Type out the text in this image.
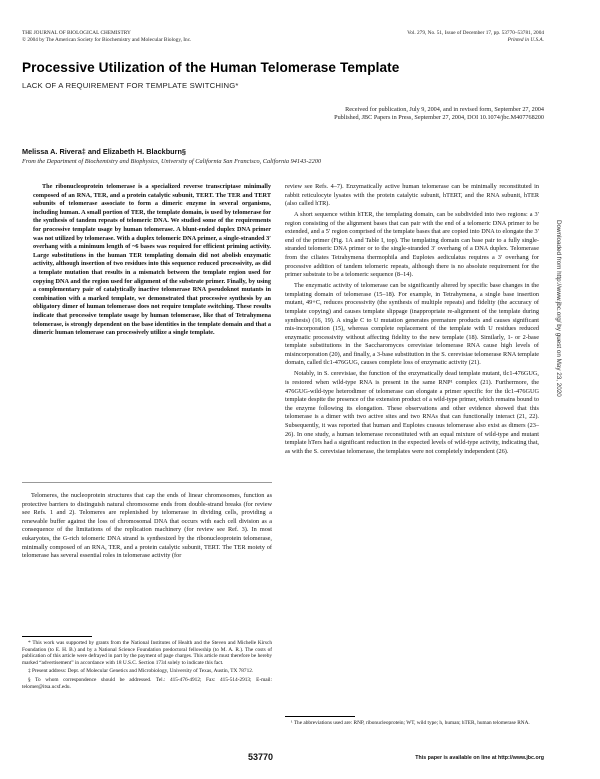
THE JOURNAL OF BIOLOGICAL CHEMISTRY
© 2004 by The American Society for Biochemistry and Molecular Biology, Inc.
Vol. 279, No. 51, Issue of December 17, pp. 53770–53781, 2004
Printed in U.S.A.
Processive Utilization of the Human Telomerase Template
LACK OF A REQUIREMENT FOR TEMPLATE SWITCHING*
Received for publication, July 9, 2004, and in revised form, September 27, 2004
Published, JBC Papers in Press, September 27, 2004, DOI 10.1074/jbc.M407768200
Melissa A. Rivera‡ and Elizabeth H. Blackburn§
From the Department of Biochemistry and Biophysics, University of California San Francisco, California 94143-2200

The ribonucleoprotein telomerase is a specialized reverse transcriptase minimally composed of an RNA, TER, and a protein catalytic subunit, TERT. The TER and TERT subunits of telomerase associate to form a dimeric enzyme in several organisms, including human. A small portion of TER, the template domain, is used by telomerase for the synthesis of tandem repeats of telomeric DNA. We studied some of the requirements for processive template usage by human telomerase. A blunt-ended duplex DNA primer was not utilized by telomerase. With a duplex telomeric DNA primer, a single-stranded 3′ overhang with a minimum length of ~6 bases was required for efficient priming activity. Large substitutions in the human TER templating domain did not abolish enzymatic activity, although insertion of two residues into this sequence reduced processivity, as did a template mutation that results in a mismatch between the template region used for copying DNA and the region used for alignment of the substrate primer. Finally, by using a complementary pair of catalytically inactive telomerase RNA pseudoknot mutants in combination with a marked template, we demonstrated that processive synthesis by an obligatory dimer of human telomerase does not require template switching. These results indicate that processive template usage by human telomerase, like that of Tetrahymena telomerase, is strongly dependent on the base identities in the template domain and that a dimeric human telomerase can processively utilize a single template.

Telomeres, the nucleoprotein structures that cap the ends of linear chromosomes, function as protective barriers to distinguish natural chromosome ends from double-strand breaks (for review see Refs. 1 and 2). Telomeres are replenished by telomerase in dividing cells, providing a renewable buffer against the loss of chromosomal DNA that occurs with each cell division as a consequence of the limitations of the replication machinery (for review see Ref. 3). In most eukaryotes, the G-rich telomeric DNA strand is synthesized by the ribonucleoprotein telomerase, minimally composed of an RNA, TER, and a protein catalytic subunit, TERT. The TER moiety of telomerase has several essential roles in telomerase activity (for

review see Refs. 4–7). Enzymatically active human telomerase can be minimally reconstituted in rabbit reticulocyte lysates with the protein catalytic subunit, hTERT, and the RNA subunit, hTER (also called hTR).

A short sequence within hTER, the templating domain, can be subdivided into two regions: a 3′ region consisting of the alignment bases that can pair with the end of a telomeric DNA primer to be extended, and a 5′ region comprised of the template bases that are copied into DNA to elongate the 3′ end of the primer (Fig. 1A and Table I, top). The templating domain can base pair to a fully single-stranded telomeric DNA primer or to the single-stranded 3′ overhang of a DNA duplex. Telomerase from the ciliates Tetrahymena thermophila and Euplotes aediculatus requires a 3′ overhang for processive addition of tandem telomeric repeats, although there is no absolute requirement for the primer substrate to be a telomeric sequence (8–14).

The enzymatic activity of telomerase can be significantly altered by specific base changes in the templating domain of telomerase (15–18). For example, in Tetrahymena, a single base insertion mutant, 49+C, reduces processivity (the synthesis of multiple repeats) and fidelity (the accuracy of template copying) and causes template slippage (inappropriate re-alignment of the template during synthesis) (16, 19). A single C to U mutation generates premature products and causes significant mis-incorporation (15), whereas complete replacement of the template with U residues reduced enzymatic processivity without affecting fidelity to the new template (18). Similarly, 1- or 2-base template substitutions in the Saccharomyces cerevisiae telomerase RNA cause high levels of misincorporation (20), and finally, a 3-base substitution in the S. cerevisiae telomerase RNA template domain, called tlc1-476GUG, causes complete loss of enzymatic activity (21).

Notably, in S. cerevisiae, the function of the enzymatically dead template mutant, tlc1-476GUG, is restored when wild-type RNA is present in the same RNP¹ complex (21). Furthermore, the 476GUG-wild-type heterodimer of telomerase can elongate a primer specific for the tlc1-476GUG template despite the presence of the extension product of a wild-type primer, which remains bound to the enzyme following its elongation. These observations and other evidence showed that this telomerase is a dimer with two active sites and two RNAs that can functionally interact (21, 22). Subsequently, it was reported that human and Euplotes crassus telomerase also exist as dimers (23–26). In one study, a human telomerase reconstituted with an equal mixture of wild-type and mutant template hTers had a significant reduction in the expected levels of wild-type activity, indicating that, as with the S. cerevisiae telomerase, the templates were not completely independent (26).

* This work was supported by grants from the National Institutes of Health and the Steven and Michelle Kirsch Foundation (to E. H. B.) and by a National Science Foundation predoctoral fellowship (to M. A. R.). The costs of publication of this article were defrayed in part by the payment of page charges. This article must therefore be hereby marked “advertisement” in accordance with 18 U.S.C. Section 1734 solely to indicate this fact.

‡ Present address: Dept. of Molecular Genetics and Microbiology, University of Texas, Austin, TX 78712.

§ To whom correspondence should be addressed. Tel.: 415-476-4912; Fax: 415-514-2913; E-mail: telomer@itsa.ucsf.edu.

¹ The abbreviations used are: RNP, ribonucleoprotein; WT, wild type; h, human; hTER, human telomerase RNA.

53770	This paper is available on line at http://www.jbc.org
Downloaded from http://www.jbc.org/ by guest on May 23, 2020
